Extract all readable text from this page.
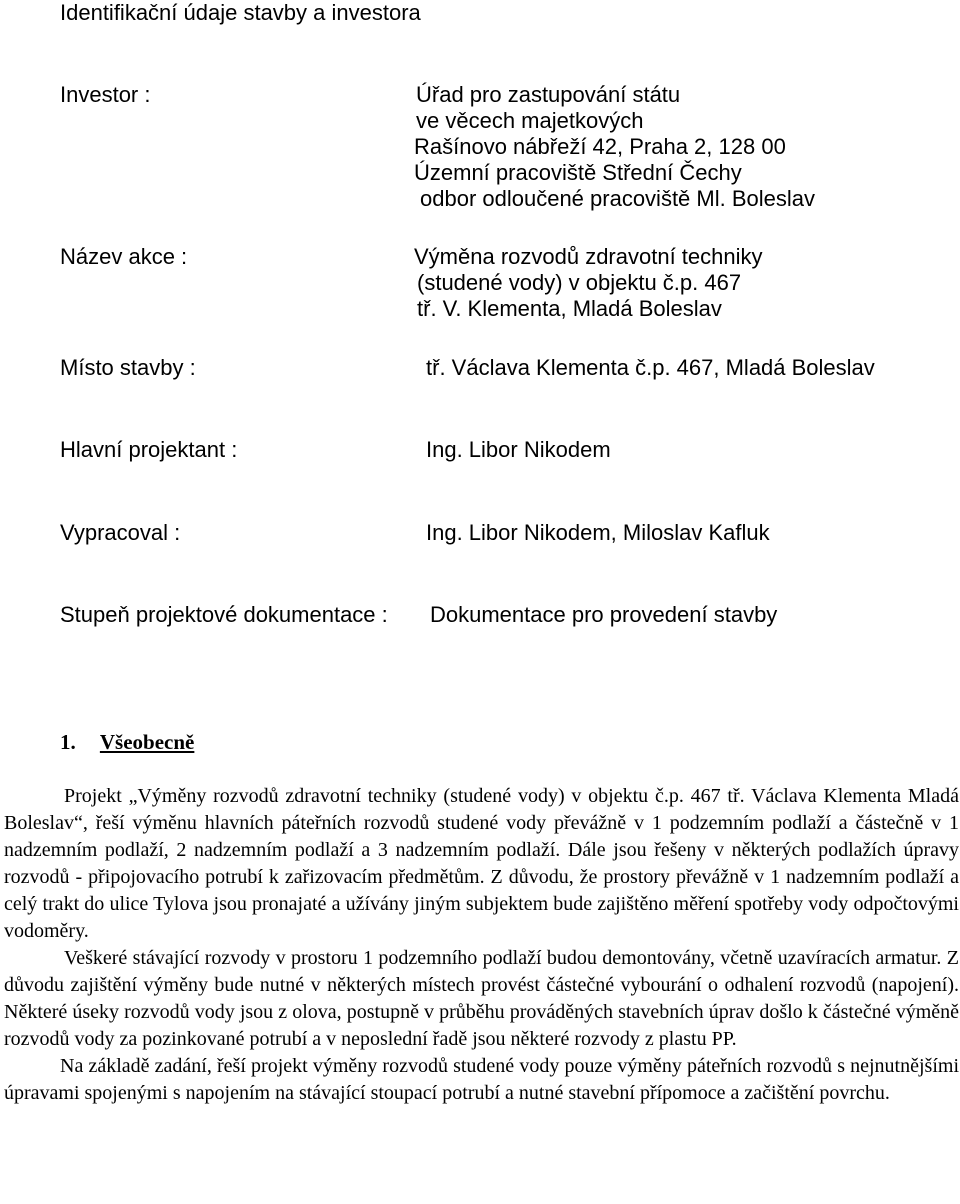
Identifikační údaje stavby a investora
Investor :	Úřad pro zastupování státu
ve věcech majetkových
Rašínovo nábřeží 42, Praha 2, 128 00
Územní pracoviště Střední Čechy
odbor odloučené pracoviště Ml. Boleslav
Název akce :	Výměna rozvodů zdravotní techniky
(studené vody) v objektu č.p. 467
tř. V. Klementa, Mladá Boleslav
Místo stavby :	tř. Václava Klementa č.p. 467, Mladá Boleslav
Hlavní projektant :	Ing. Libor Nikodem
Vypracoval :	Ing. Libor Nikodem, Miloslav Kafluk
Stupeň projektové dokumentace : Dokumentace pro provedení stavby
1. Všeobecně

Projekt „Výměny rozvodů zdravotní techniky (studené vody) v objektu č.p. 467 tř. Václava Klementa Mladá Boleslav“, řeší výměnu hlavních páteřních rozvodů studené vody převážně v 1 podzemním podlaží a částečně v 1 nadzemním podlaží, 2 nadzemním podlaží a 3 nadzemním podlaží. Dále jsou řešeny v některých podlažích úpravy rozvodů - připojovacího potrubí k zařizovacím předmětům. Z důvodu, že prostory převážně v 1 nadzemním podlaží a celý trakt do ulice Tylova jsou pronajaté a užívány jiným subjektem bude zajištěno měření spotřeby vody odpočtovými vodoměry.

Veškeré stávající rozvody v prostoru 1 podzemního podlaží budou demontovány, včetně uzavíracích armatur. Z důvodu zajištění výměny bude nutné v některých místech provést částečné vybourání o odhalení rozvodů (napojení). Některé úseky rozvodů vody jsou z olova, postupně v průběhu prováděných stavebních úprav došlo k částečné výměně rozvodů vody za pozinkované potrubí a v neposlední řadě jsou některé rozvody z plastu PP.

Na základě zadání, řeší projekt výměny rozvodů studené vody pouze výměny páteřních rozvodů s nejnutnějšími úpravami spojenými s napojením na stávající stoupací potrubí a nutné stavební přípomoce a začištění povrchu.
